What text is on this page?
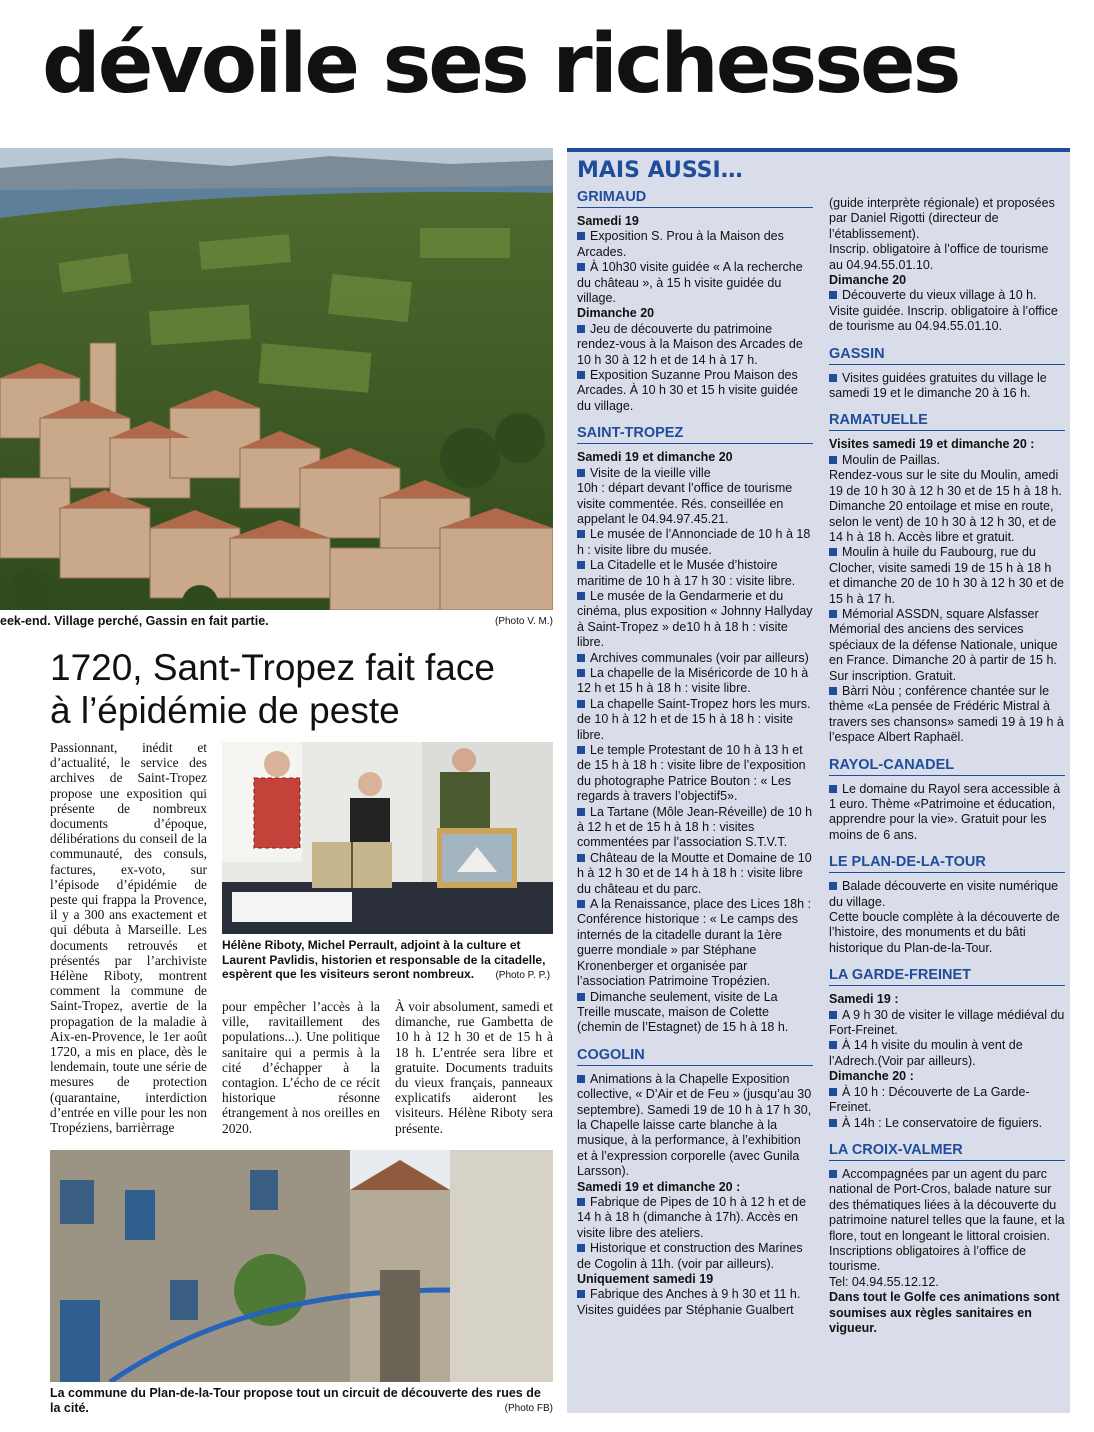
dévoile ses richesses
eek-end. Village perché, Gassin en fait partie.	(Photo V. M.)
1720, Sant-Tropez fait face
à l’épidémie de peste

Passionnant, inédit et d’actualité, le service des archives de Saint-Tropez propose une exposition qui présente de nombreux documents d’époque, délibérations du conseil de la communauté, des consuls, factures, ex-voto, sur l’épisode d’épidémie de peste qui frappa la Provence, il y a 300 ans exactement et qui débuta à Marseille. Les documents retrouvés et présentés par l’archiviste Hélène Riboty, montrent comment la commune de Saint-Tropez, avertie de la propagation de la maladie à Aix-en-Provence, le 1er août 1720, a mis en place, dès le lendemain, toute une série de mesures de protection (quarantaine, interdiction d’entrée en ville pour les non Tropéziens, barrièrrage

Hélène Riboty, Michel Perrault, adjoint à la culture et Laurent Pavlidis, historien et responsable de la citadelle, espèrent que les visiteurs seront nombreux. (Photo P. P.)

pour empêcher l’accès à la ville, ravitaillement des populations...). Une politique sanitaire qui a permis à la cité d’échapper à la contagion. L’écho de ce récit historique résonne étrangement à nos oreilles en 2020.

À voir absolument, samedi et dimanche, rue Gambetta de 10 h à 12 h 30 et de 15 h à 18 h. L’entrée sera libre et gratuite. Documents traduits du vieux français, panneaux explicatifs aideront les visiteurs. Hélène Riboty sera présente.

La commune du Plan-de-la-Tour propose tout un circuit de découverte des rues de la cité.	(Photo FB)
MAIS AUSSI…
GRIMAUD
Samedi 19
Exposition S. Prou à la Maison des Arcades.
À 10h30 visite guidée « A la recherche du château », à 15 h visite guidée du village.
Dimanche 20
Jeu de découverte du patrimoine rendez-vous à la Maison des Arcades de 10 h 30 à 12 h et de 14 h à 17 h.
Exposition Suzanne Prou Maison des Arcades. À 10 h 30 et 15 h visite guidée du village.
SAINT-TROPEZ
Samedi 19 et dimanche 20
Visite de la vieille ville
10h : départ devant l’office de tourisme visite commentée. Rés. conseillée en appelant le 04.94.97.45.21.
Le musée de l’Annonciade de 10 h à 18 h : visite libre du musée.
La Citadelle et le Musée d’histoire maritime de 10 h à 17 h 30 : visite libre.
Le musée de la Gendarmerie et du cinéma, plus exposition « Johnny Hallyday à Saint-Tropez » de10 h à 18 h : visite libre.
Archives communales (voir par ailleurs)
La chapelle de la Miséricorde de 10 h à 12 h et 15 h à 18 h : visite libre.
La chapelle Saint-Tropez hors les murs. de 10 h à 12 h et de 15 h à 18 h : visite libre.
Le temple Protestant de 10 h à 13 h et de 15 h à 18 h : visite libre de l’exposition du photographe Patrice Bouton : « Les regards à travers l’objectif5».
La Tartane (Môle Jean-Réveille) de 10 h à 12 h et de 15 h à 18 h : visites commentées par l’association S.T.V.T.
Château de la Moutte et Domaine de 10 h à 12 h 30 et de 14 h à 18 h : visite libre du château et du parc.
A la Renaissance, place des Lices 18h : Conférence historique : « Le camps des internés de la citadelle durant la 1ère guerre mondiale » par Stéphane Kronenberger et organisée par l’association Patrimoine Tropézien.
Dimanche seulement, visite de La Treille muscate, maison de Colette (chemin de l’Estagnet) de 15 h à 18 h.
COGOLIN
Animations à la Chapelle Exposition collective, « D’Air et de Feu » (jusqu’au 30 septembre). Samedi 19 de 10 h à 17 h 30, la Chapelle laisse carte blanche à la musique, à la performance, à l’exhibition et à l’expression corporelle (avec Gunila Larsson).
Samedi 19 et dimanche 20 :
Fabrique de Pipes de 10 h à 12 h et de 14 h à 18 h (dimanche à 17h). Accès en visite libre des ateliers.
Historique et construction des Marines de Cogolin à 11h. (voir par ailleurs).
Uniquement samedi 19
Fabrique des Anches à 9 h 30 et 11 h. Visites guidées par Stéphanie Gualbert
(guide interprète régionale) et proposées par Daniel Rigotti (directeur de l’établissement).
Inscrip. obligatoire à l’office de tourisme au 04.94.55.01.10.
Dimanche 20
Découverte du vieux village à 10 h. Visite guidée. Inscrip. obligatoire à l’office de tourisme au 04.94.55.01.10.
GASSIN
Visites guidées gratuites du village le samedi 19 et le dimanche 20 à 16 h.
RAMATUELLE
Visites samedi 19 et dimanche 20 :
Moulin de Paillas.
Rendez-vous sur le site du Moulin, amedi 19 de 10 h 30 à 12 h 30 et de 15 h à 18 h. Dimanche 20 entoilage et mise en route, selon le vent) de 10 h 30 à 12 h 30, et de 14 h à 18 h. Accès libre et gratuit.
Moulin à huile du Faubourg, rue du Clocher, visite samedi 19 de 15 h à 18 h et dimanche 20 de 10 h 30 à 12 h 30 et de 15 h à 17 h.
Mémorial ASSDN, square Alsfasser Mémorial des anciens des services spéciaux de la défense Nationale, unique en France. Dimanche 20 à partir de 15 h. Sur inscription. Gratuit.
Bàrri Nòu ; conférence chantée sur le thème «La pensée de Frédéric Mistral à travers ses chansons» samedi 19 à 19 h à l’espace Albert Raphaël.
RAYOL-CANADEL
Le domaine du Rayol sera accessible à 1 euro. Thème «Patrimoine et éducation, apprendre pour la vie». Gratuit pour les moins de 6 ans.
LE PLAN-DE-LA-TOUR
Balade découverte en visite numérique du village.
Cette boucle complète à la découverte de l’histoire, des monuments et du bâti historique du Plan-de-la-Tour.
LA GARDE-FREINET
Samedi 19 :
A 9 h 30 de visiter le village médiéval du Fort-Freinet.
À 14 h visite du moulin à vent de l’Adrech.(Voir par ailleurs).
Dimanche 20 :
À 10 h : Découverte de La Garde-Freinet.
À 14h : Le conservatoire de figuiers.
LA CROIX-VALMER
Accompagnées par un agent du parc national de Port-Cros, balade nature sur des thématiques liées à la découverte du patrimoine naturel telles que la faune, et la flore, tout en longeant le littoral croisien. Inscriptions obligatoires à l’office de tourisme.
Tel: 04.94.55.12.12.
Dans tout le Golfe ces animations sont soumises aux règles sanitaires en vigueur.
